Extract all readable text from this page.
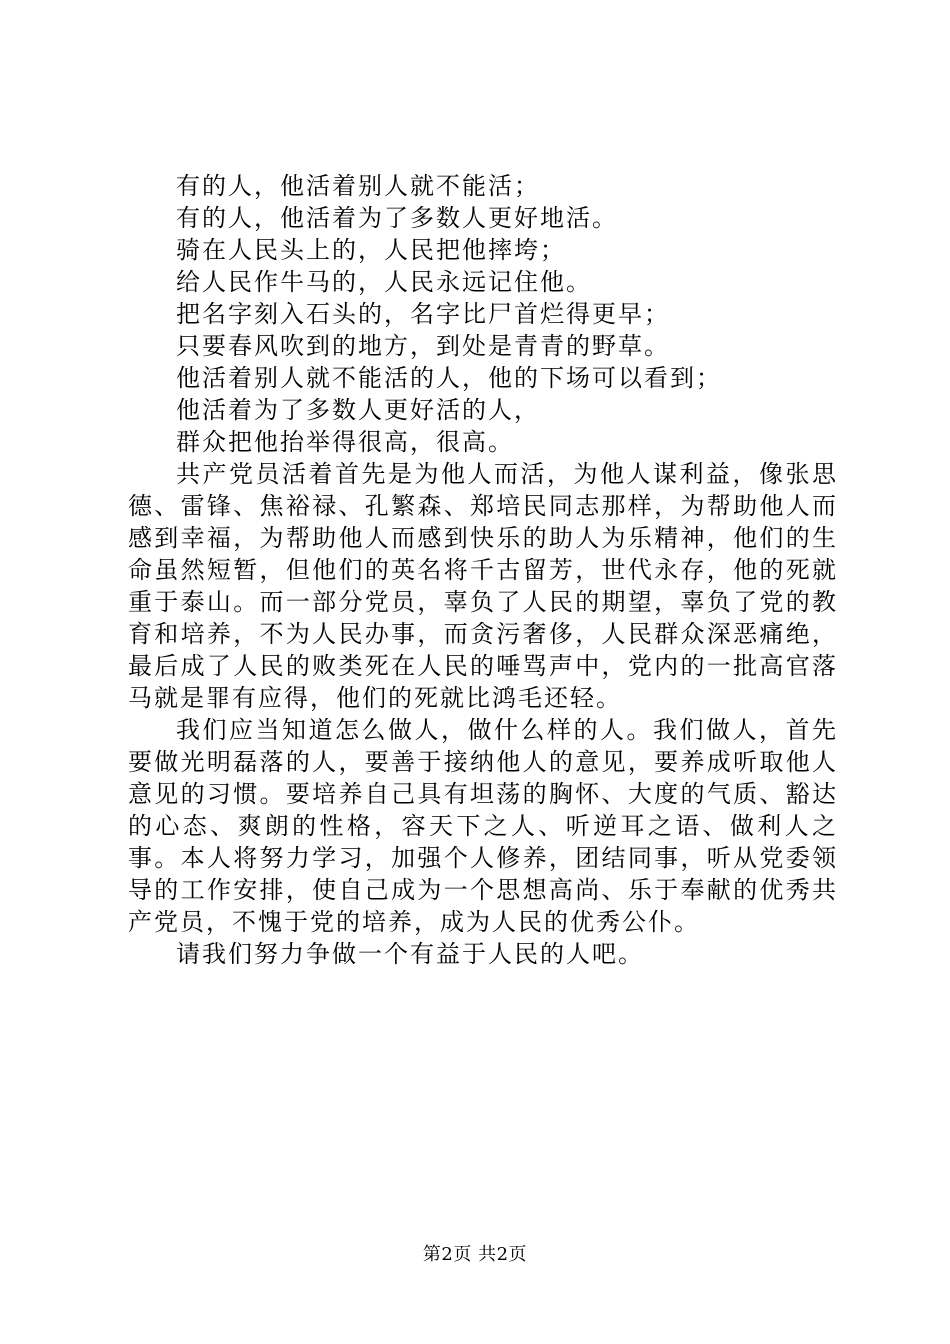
有的人，他活着别人就不能活；
有的人，他活着为了多数人更好地活。
骑在人民头上的，人民把他摔垮；
给人民作牛马的，人民永远记住他。
把名字刻入石头的，名字比尸首烂得更早；
只要春风吹到的地方，到处是青青的野草。
他活着别人就不能活的人，他的下场可以看到；
他活着为了多数人更好活的人，
群众把他抬举得很高，很高。

共产党员活着首先是为他人而活，为他人谋利益，像张思德、雷锋、焦裕禄、孔繁森、郑培民同志那样，为帮助他人而感到幸福，为帮助他人而感到快乐的助人为乐精神，他们的生命虽然短暂，但他们的英名将千古留芳，世代永存，他的死就重于泰山。而一部分党员，辜负了人民的期望，辜负了党的教育和培养，不为人民办事，而贪污奢侈，人民群众深恶痛绝，最后成了人民的败类死在人民的唾骂声中，党内的一批高官落马就是罪有应得，他们的死就比鸿毛还轻。

我们应当知道怎么做人，做什么样的人。我们做人，首先要做光明磊落的人，要善于接纳他人的意见，要养成听取他人意见的习惯。要培养自己具有坦荡的胸怀、大度的气质、豁达的心态、爽朗的性格，容天下之人、听逆耳之语、做利人之事。本人将努力学习，加强个人修养，团结同事，听从党委领导的工作安排，使自己成为一个思想高尚、乐于奉献的优秀共产党员，不愧于党的培养，成为人民的优秀公仆。

请我们努力争做一个有益于人民的人吧。

第2页 共2页
